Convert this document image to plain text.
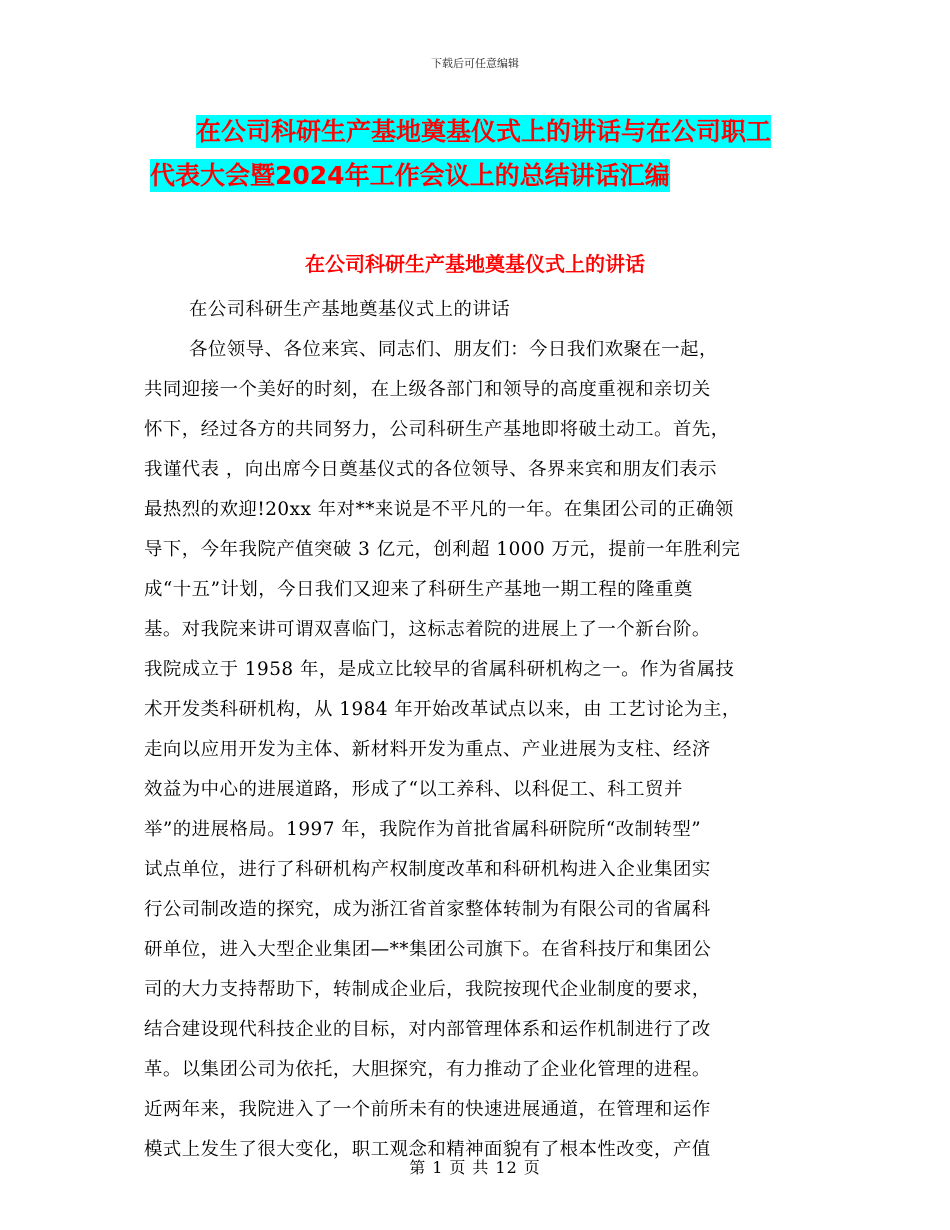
下载后可任意编辑
在公司科研生产基地奠基仪式上的讲话与在公司职工
代表大会暨2024年工作会议上的总结讲话汇编
在公司科研生产基地奠基仪式上的讲话
在公司科研生产基地奠基仪式上的讲话
各位领导、各位来宾、同志们、朋友们：今日我们欢聚在一起，
共同迎接一个美好的时刻，在上级各部门和领导的高度重视和亲切关
怀下，经过各方的共同努力，公司科研生产基地即将破土动工。首先，
我谨代表 ，向出席今日奠基仪式的各位领导、各界来宾和朋友们表示
最热烈的欢迎!20xx 年对**来说是不平凡的一年。在集团公司的正确领
导下，今年我院产值突破 3 亿元，创利超 1000 万元，提前一年胜利完
成“十五”计划，今日我们又迎来了科研生产基地一期工程的隆重奠
基。对我院来讲可谓双喜临门，这标志着院的进展上了一个新台阶。
我院成立于 1958 年，是成立比较早的省属科研机构之一。作为省属技
术开发类科研机构，从 1984 年开始改革试点以来，由 工艺讨论为主，
走向以应用开发为主体、新材料开发为重点、产业进展为支柱、经济
效益为中心的进展道路，形成了“以工养科、以科促工、科工贸并
举”的进展格局。1997 年，我院作为首批省属科研院所“改制转型”
试点单位，进行了科研机构产权制度改革和科研机构进入企业集团实
行公司制改造的探究，成为浙江省首家整体转制为有限公司的省属科
研单位，进入大型企业集团—**集团公司旗下。在省科技厅和集团公
司的大力支持帮助下，转制成企业后，我院按现代企业制度的要求，
结合建设现代科技企业的目标，对内部管理体系和运作机制进行了改
革。以集团公司为依托，大胆探究，有力推动了企业化管理的进程。
近两年来，我院进入了一个前所未有的快速进展通道，在管理和运作
模式上发生了很大变化，职工观念和精神面貌有了根本性改变，产值
第 1 页 共 12 页
